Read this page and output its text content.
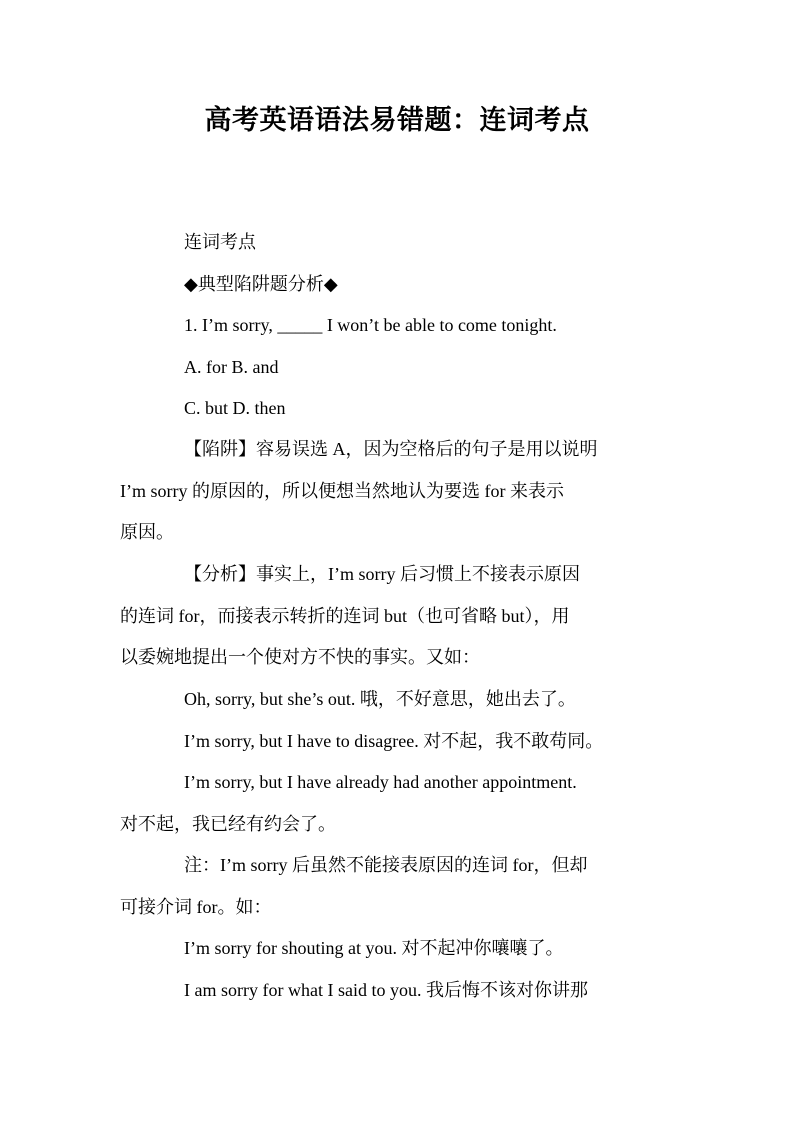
高考英语语法易错题：连词考点
连词考点
◆典型陷阱题分析◆
1. I’m sorry, _____ I won’t be able to come tonight.
A. for B. and
C. but D. then
【陷阱】容易误选 A，因为空格后的句子是用以说明
I’m sorry 的原因的，所以便想当然地认为要选 for 来表示
原因。
【分析】事实上，I’m sorry 后习惯上不接表示原因
的连词 for，而接表示转折的连词 but（也可省略 but），用
以委婉地提出一个使对方不快的事实。又如：
Oh, sorry, but she’s out. 哦，不好意思，她出去了。
I’m sorry, but I have to disagree. 对不起，我不敢苟同。
I’m sorry, but I have already had another appointment.
对不起，我已经有约会了。
注：I’m sorry 后虽然不能接表原因的连词 for，但却
可接介词 for。如：
I’m sorry for shouting at you. 对不起冲你嚷嚷了。
I am sorry for what I said to you. 我后悔不该对你讲那
